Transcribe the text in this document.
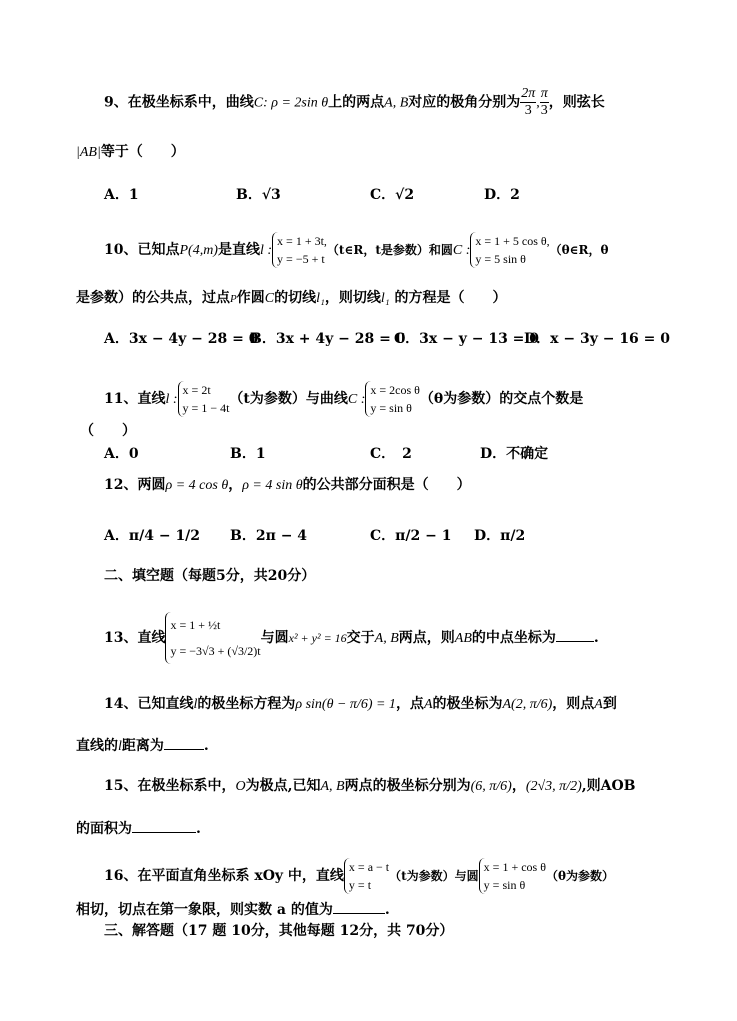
9、在极坐标系中，曲线C: ρ = 2sin θ上的两点A, B对应的极角分别为 $\frac{2\pi}{3}$ , $\frac{\pi}{3}$ ，则弦长
|AB|等于（　　）
A．1	B．√3	C．√2	D．2
10、已知点P(4,m)是直线l :
x = 1 + 3t,
y = −5 + t
（t∈R，t是参数）和圆C :
x = 1 + 5 cos θ,
y = 5 sin θ
（θ∈R，θ
是参数）的公共点，过点P作圆C的切线l₁，则切线l₁ 的方程是（　　）
A．3x − 4y − 28 = 0
B．3x + 4y − 28 = 0
C．3x − y − 13 = 0
D．x − 3y − 16 = 0
11、直线l :
x = 2t
y = 1 − 4t
（t为参数）与曲线C :
x = 2cos θ
y = sin θ
（θ为参数）的交点个数是
（　　）
A．0	B．1	C．　2	D．不确定
12、两圆ρ = 4 cos θ，ρ = 4 sin θ的公共部分面积是（　　）
A．π/4 − 1/2 B．2π − 4	C．π/2 − 1 D．π/2
二、填空题（每题5分，共20分）
13、直线
x = 1 + ½t
y = −3√3 + (√3/2)t
与圆x² + y² = 16交于A, B两点，则AB的中点坐标为	.
14、已知直线l的极坐标方程为ρ sin(θ − π/6) = 1，点A的极坐标为A(2, π/6)，则点A到
直线的l距离为	.
15、在极坐标系中，O为极点,已知A, B两点的极坐标分别为(6, π/6)，(2√3, π/2),则AOB
的面积为	.
16、在平面直角坐标系 xOy 中，直线
x = a − t
y = t
（t为参数）与圆
x = 1 + cos θ
y = sin θ
（θ为参数）
相切，切点在第一象限，则实数 a 的值为	.
三、解答题（17 题 10分，其他每题 12分，共 70分）
